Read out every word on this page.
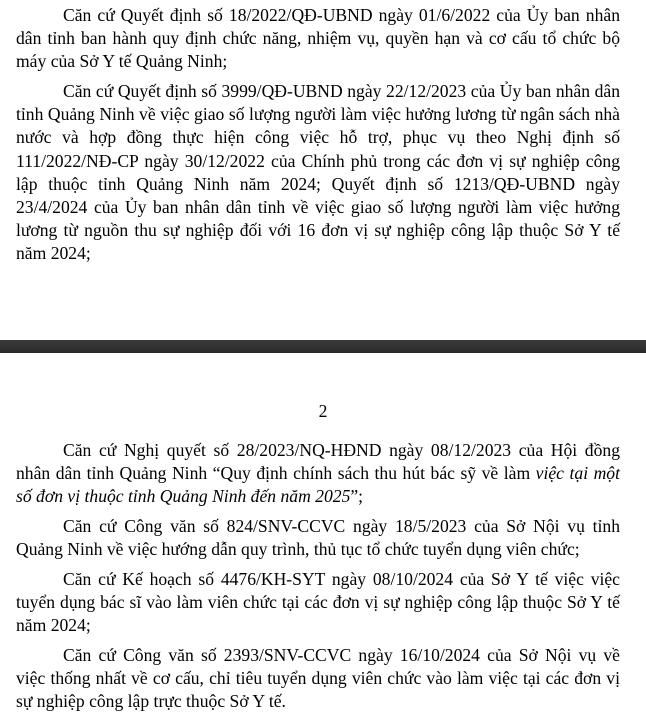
Căn cứ Quyết định số 18/2022/QĐ-UBND ngày 01/6/2022 của Ủy ban nhân dân tỉnh ban hành quy định chức năng, nhiệm vụ, quyền hạn và cơ cấu tổ chức bộ máy của Sở Y tế Quảng Ninh;

Căn cứ Quyết định số 3999/QĐ-UBND ngày 22/12/2023 của Ủy ban nhân dân tỉnh Quảng Ninh về việc giao số lượng người làm việc hưởng lương từ ngân sách nhà nước và hợp đồng thực hiện công việc hỗ trợ, phục vụ theo Nghị định số 111/2022/NĐ-CP ngày 30/12/2022 của Chính phủ trong các đơn vị sự nghiệp công lập thuộc tỉnh Quảng Ninh năm 2024; Quyết định số 1213/QĐ-UBND ngày 23/4/2024 của Ủy ban nhân dân tỉnh về việc giao số lượng người làm việc hưởng lương từ nguồn thu sự nghiệp đối với 16 đơn vị sự nghiệp công lập thuộc Sở Y tế năm 2024;

2

Căn cứ Nghị quyết số 28/2023/NQ-HĐND ngày 08/12/2023 của Hội đồng nhân dân tỉnh Quảng Ninh “Quy định chính sách thu hút bác sỹ về làm việc tại một số đơn vị thuộc tỉnh Quảng Ninh đến năm 2025”;

Căn cứ Công văn số 824/SNV-CCVC ngày 18/5/2023 của Sở Nội vụ tỉnh Quảng Ninh về việc hướng dẫn quy trình, thủ tục tổ chức tuyển dụng viên chức;

Căn cứ Kế hoạch số 4476/KH-SYT ngày 08/10/2024 của Sở Y tế việc việc tuyển dụng bác sĩ vào làm viên chức tại các đơn vị sự nghiệp công lập thuộc Sở Y tế năm 2024;

Căn cứ Công văn số 2393/SNV-CCVC ngày 16/10/2024 của Sở Nội vụ về việc thống nhất về cơ cấu, chỉ tiêu tuyển dụng viên chức vào làm việc tại các đơn vị sự nghiệp công lập trực thuộc Sở Y tế.
